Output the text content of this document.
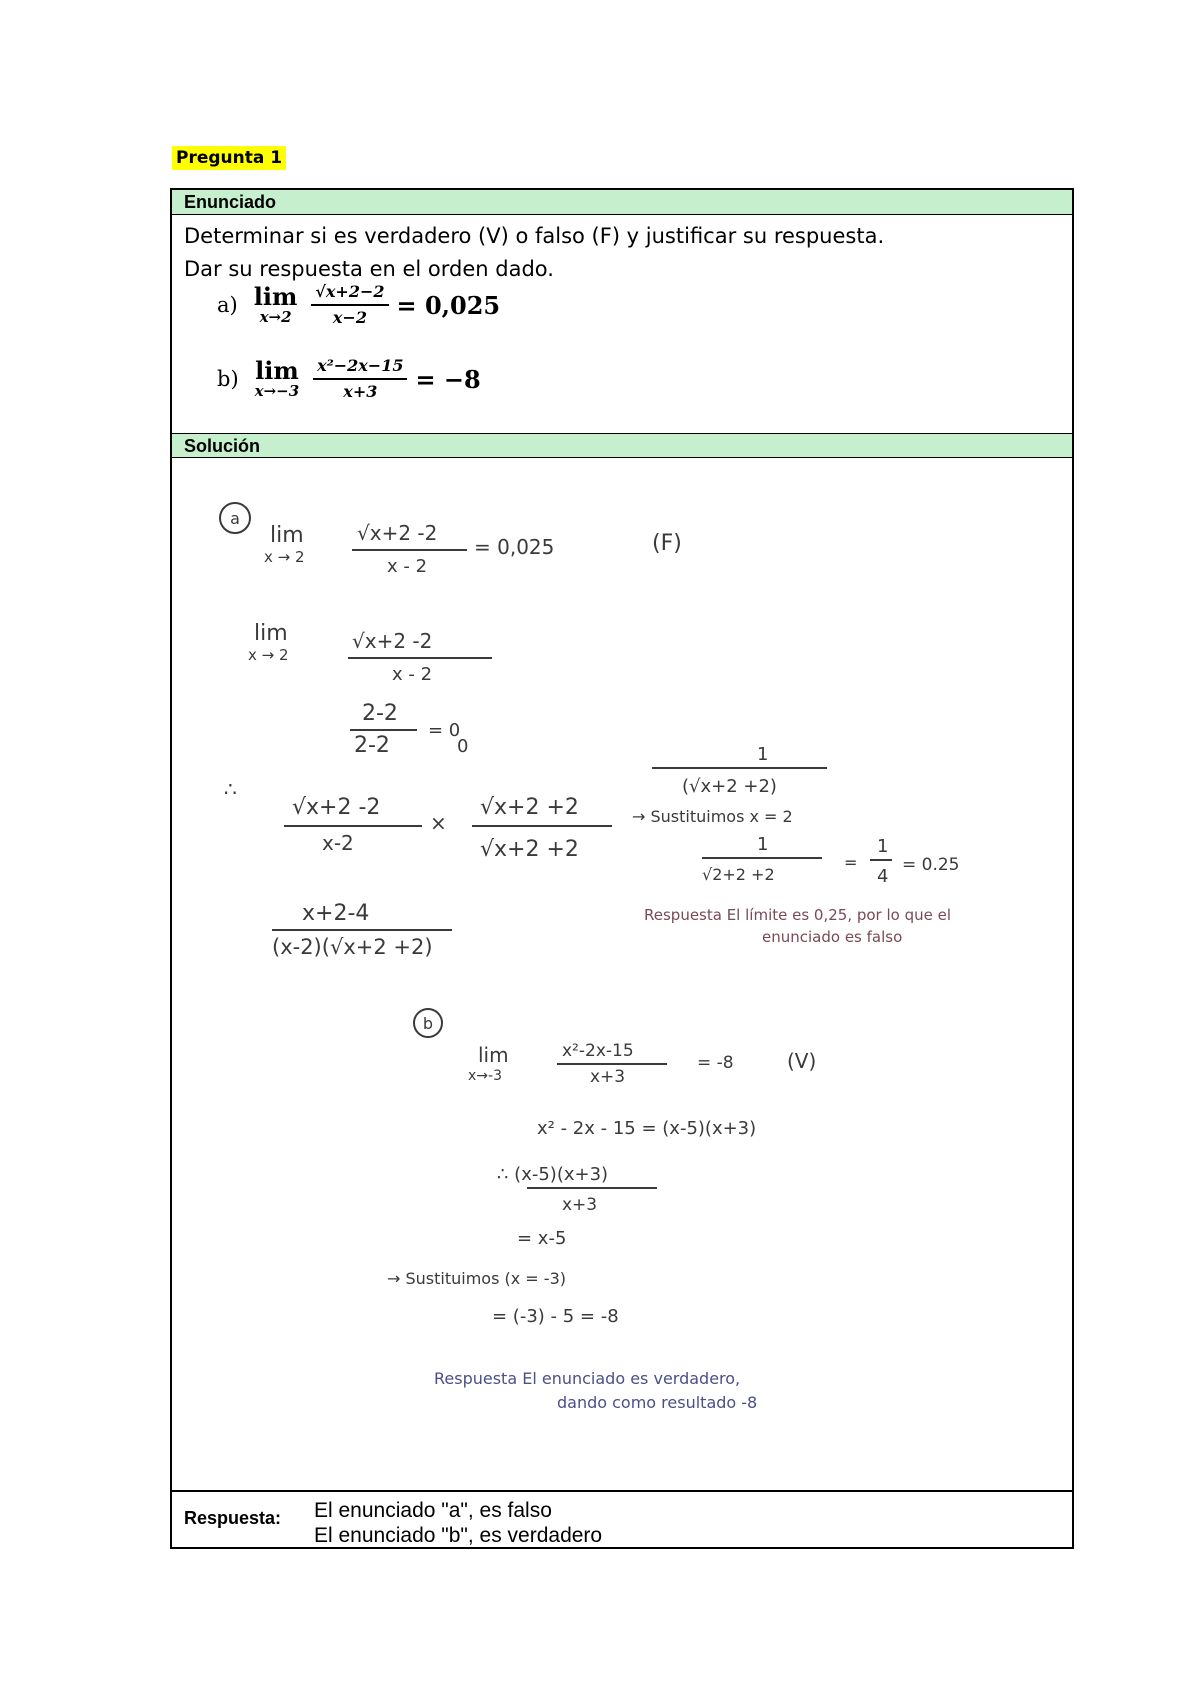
Pregunta 1
Enunciado
Determinar si es verdadero (V) o falso (F) y justificar su respuesta.
Dar su respuesta en el orden dado.
a) lim
$x\to 2 \frac{√x+2-2}{x-2} = 0,025$
b) lim
$x\to-3 \frac{\text{x²−2x−15}}{x+3} = -8$
Solución
a
lim
x → 2
√x+2 -2
x - 2
= 0,025	(F)
lim
x → 2
√x+2 -2
x - 2
2-2
2-2
= 0
0
∴
√x+2 -2
x-2
×
√x+2 +2
√x+2 +2
1
(√x+2 +2)
→ Sustituimos x = 2
1
√2+2 +2
=
1
4
= 0.25
x+2-4
(x-2)(√x+2 +2)
Respuesta El límite es 0,25, por lo que el
enunciado es falso
b
lim
x→-3
x²-2x-15
x+3
= -8	(V)
x² - 2x - 15 = (x-5)(x+3)
∴ (x-5)(x+3)
x+3
= x-5
→ Sustituimos (x = -3)
= (-3) - 5 = -8
Respuesta El enunciado es verdadero,
dando como resultado -8
Respuesta: El enunciado "a", es falso
El enunciado "b", es verdadero
